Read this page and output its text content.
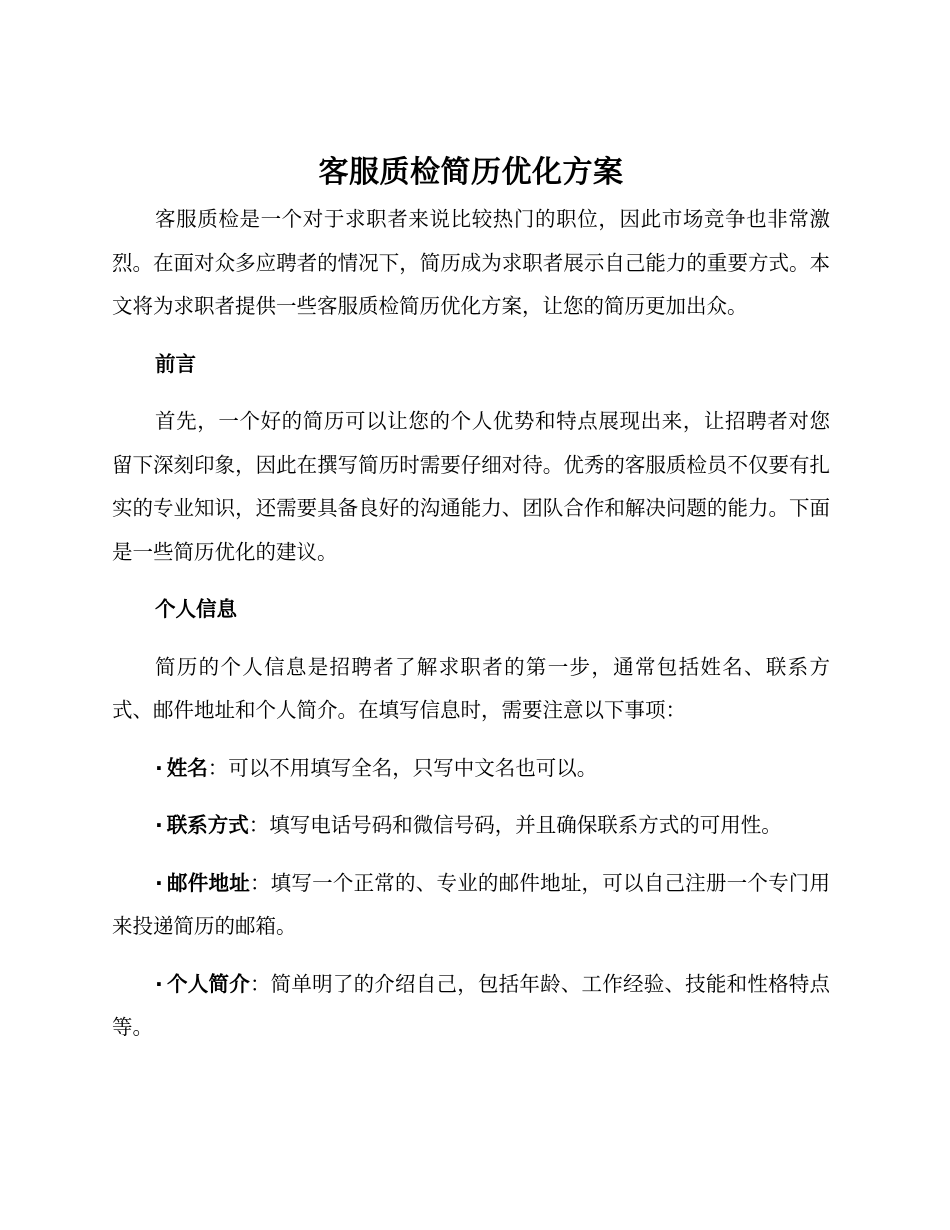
客服质检简历优化方案

客服质检是一个对于求职者来说比较热门的职位，因此市场竞争也非常激烈。在面对众多应聘者的情况下，简历成为求职者展示自己能力的重要方式。本文将为求职者提供一些客服质检简历优化方案，让您的简历更加出众。

前言

首先，一个好的简历可以让您的个人优势和特点展现出来，让招聘者对您留下深刻印象，因此在撰写简历时需要仔细对待。优秀的客服质检员不仅要有扎实的专业知识，还需要具备良好的沟通能力、团队合作和解决问题的能力。下面是一些简历优化的建议。

个人信息

简历的个人信息是招聘者了解求职者的第一步，通常包括姓名、联系方式、邮件地址和个人简介。在填写信息时，需要注意以下事项：

· 姓名：可以不用填写全名，只写中文名也可以。

· 联系方式：填写电话号码和微信号码，并且确保联系方式的可用性。

· 邮件地址：填写一个正常的、专业的邮件地址，可以自己注册一个专门用来投递简历的邮箱。

· 个人简介：简单明了的介绍自己，包括年龄、工作经验、技能和性格特点等。
